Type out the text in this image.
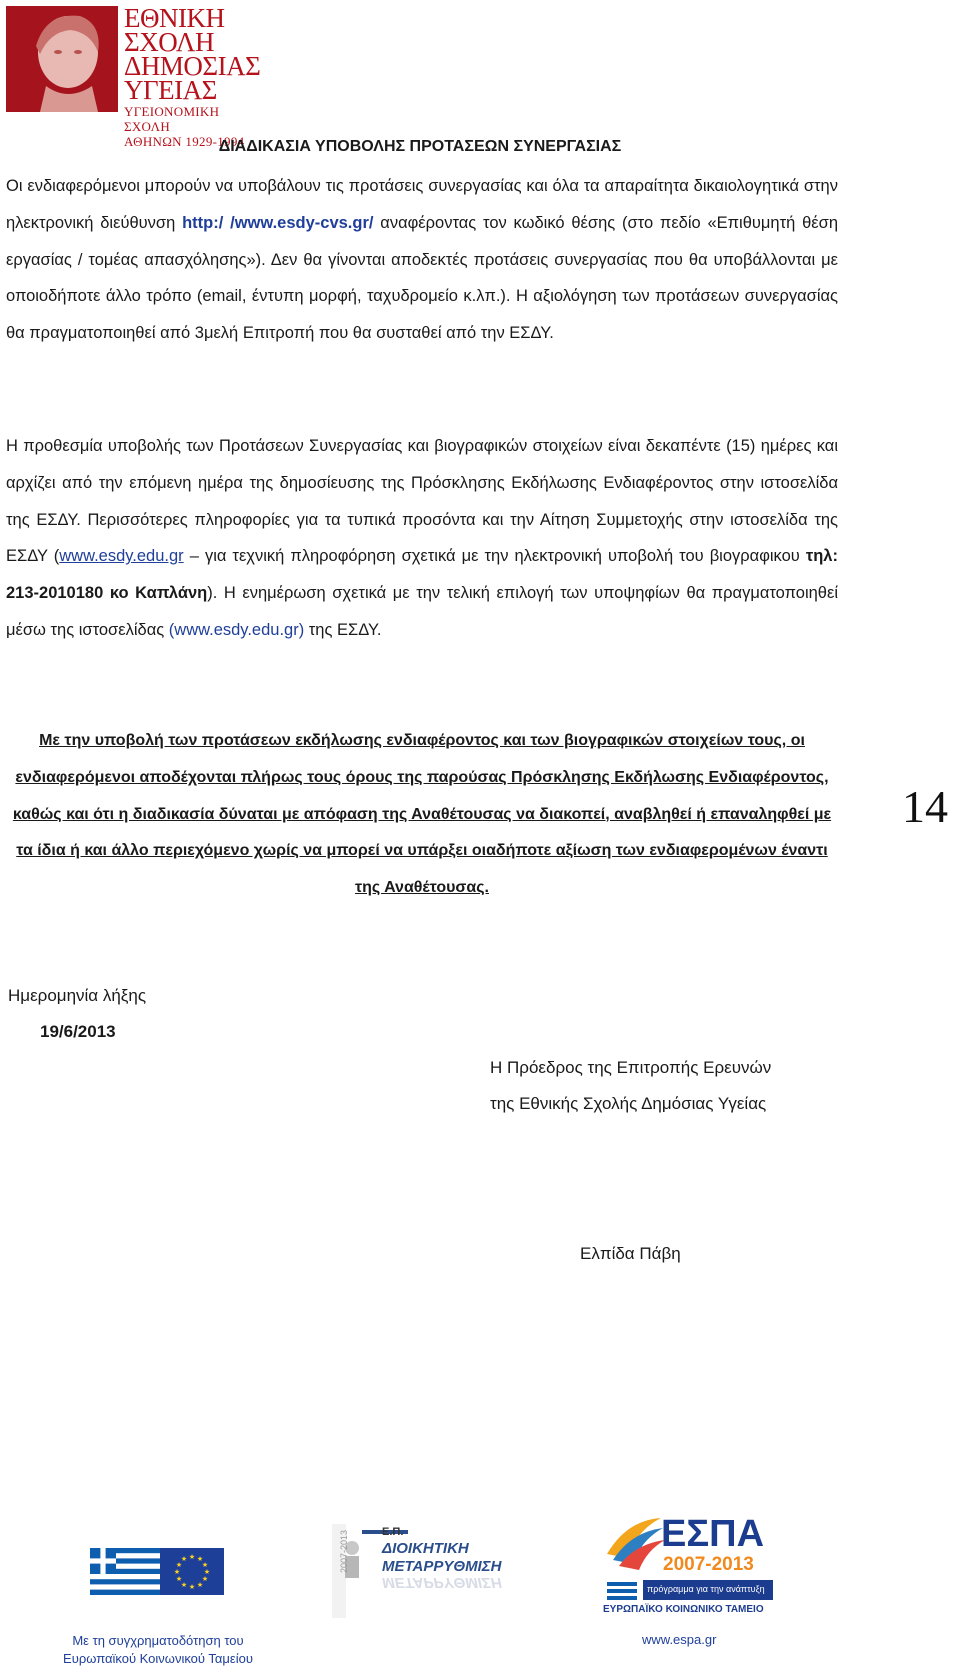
ΕΘΝΙΚΗ
ΣΧΟΛΗ
ΔΗΜΟΣΙΑΣ
ΥΓΕΙΑΣ
ΥΓΕΙΟΝΟΜΙΚΗ ΣΧΟΛΗ
ΑΘΗΝΩΝ 1929-1994
ΔΙΑΔΙΚΑΣΙΑ ΥΠΟΒΟΛΗΣ ΠΡΟΤΑΣΕΩΝ ΣΥΝΕΡΓΑΣΙΑΣ
Οι ενδιαφερόμενοι μπορούν να υποβάλουν τις προτάσεις συνεργασίας και όλα τα απαραίτητα δικαιολογητικά στην ηλεκτρονική διεύθυνση http:/ /www.esdy-cvs.gr/ αναφέροντας τον κωδικό θέσης (στο πεδίο «Επιθυμητή θέση εργασίας / τομέας απασχόλησης»). Δεν θα γίνονται αποδεκτές προτάσεις συνεργασίας που θα υποβάλλονται με οποιοδήποτε άλλο τρόπο (email, έντυπη μορφή, ταχυδρομείο κ.λπ.). Η αξιολόγηση των προτάσεων συνεργασίας θα πραγματοποιηθεί από 3μελή Επιτροπή που θα συσταθεί από την ΕΣΔΥ.
Η προθεσμία υποβολής των Προτάσεων Συνεργασίας και βιογραφικών στοιχείων είναι δεκαπέντε (15) ημέρες και αρχίζει από την επόμενη ημέρα της δημοσίευσης της Πρόσκλησης Εκδήλωσης Ενδιαφέροντος στην ιστοσελίδα της ΕΣΔΥ. Περισσότερες πληροφορίες για τα τυπικά προσόντα και την Αίτηση Συμμετοχής στην ιστοσελίδα της ΕΣΔΥ (www.esdy.edu.gr – για τεχνική πληροφόρηση σχετικά με την ηλεκτρονική υποβολή του βιογραφικου τηλ: 213-2010180 κο Καπλάνη). Η ενημέρωση σχετικά με την τελική επιλογή των υποψηφίων θα πραγματοποιηθεί μέσω της ιστοσελίδας (www.esdy.edu.gr) της ΕΣΔΥ.
Με την υποβολή των προτάσεων εκδήλωσης ενδιαφέροντος και των βιογραφικών στοιχείων τους, οι ενδιαφερόμενοι αποδέχονται πλήρως τους όρους της παρούσας Πρόσκλησης Εκδήλωσης Ενδιαφέροντος, καθώς και ότι η διαδικασία δύναται με απόφαση της Αναθέτουσας να διακοπεί, αναβληθεί ή επαναληφθεί με τα ίδια ή και άλλο περιεχόμενο χωρίς να μπορεί να υπάρξει οιαδήποτε αξίωση των ενδιαφερομένων έναντι της Αναθέτουσας.
14
Ημερομηνία λήξης
19/6/2013
Η Πρόεδρος της Επιτροπής Ερευνών
της Εθνικής Σχολής Δημόσιας Υγείας
Ελπίδα Πάβη
★ ★
★
★
★
★
★
★
★
★
★
★	2007-2013	Ε.Π.
ΔΙΟΙΚΗΤΙΚΗ
ΜΕΤΑΡΡΥΘΜΙΣΗ
ΜΕΤΑΡΡΥΘΜΙΣΗ
ΕΣΠΑ
2007-2013
πρόγραμμα για την ανάπτυξη
ΕΥΡΩΠΑΪΚΟ ΚΟΙΝΩΝΙΚΟ ΤΑΜΕΙΟ
Με τη συγχρηματοδότηση του
Ευρωπαϊκού Κοινωνικού Ταμείου
www.espa.gr
